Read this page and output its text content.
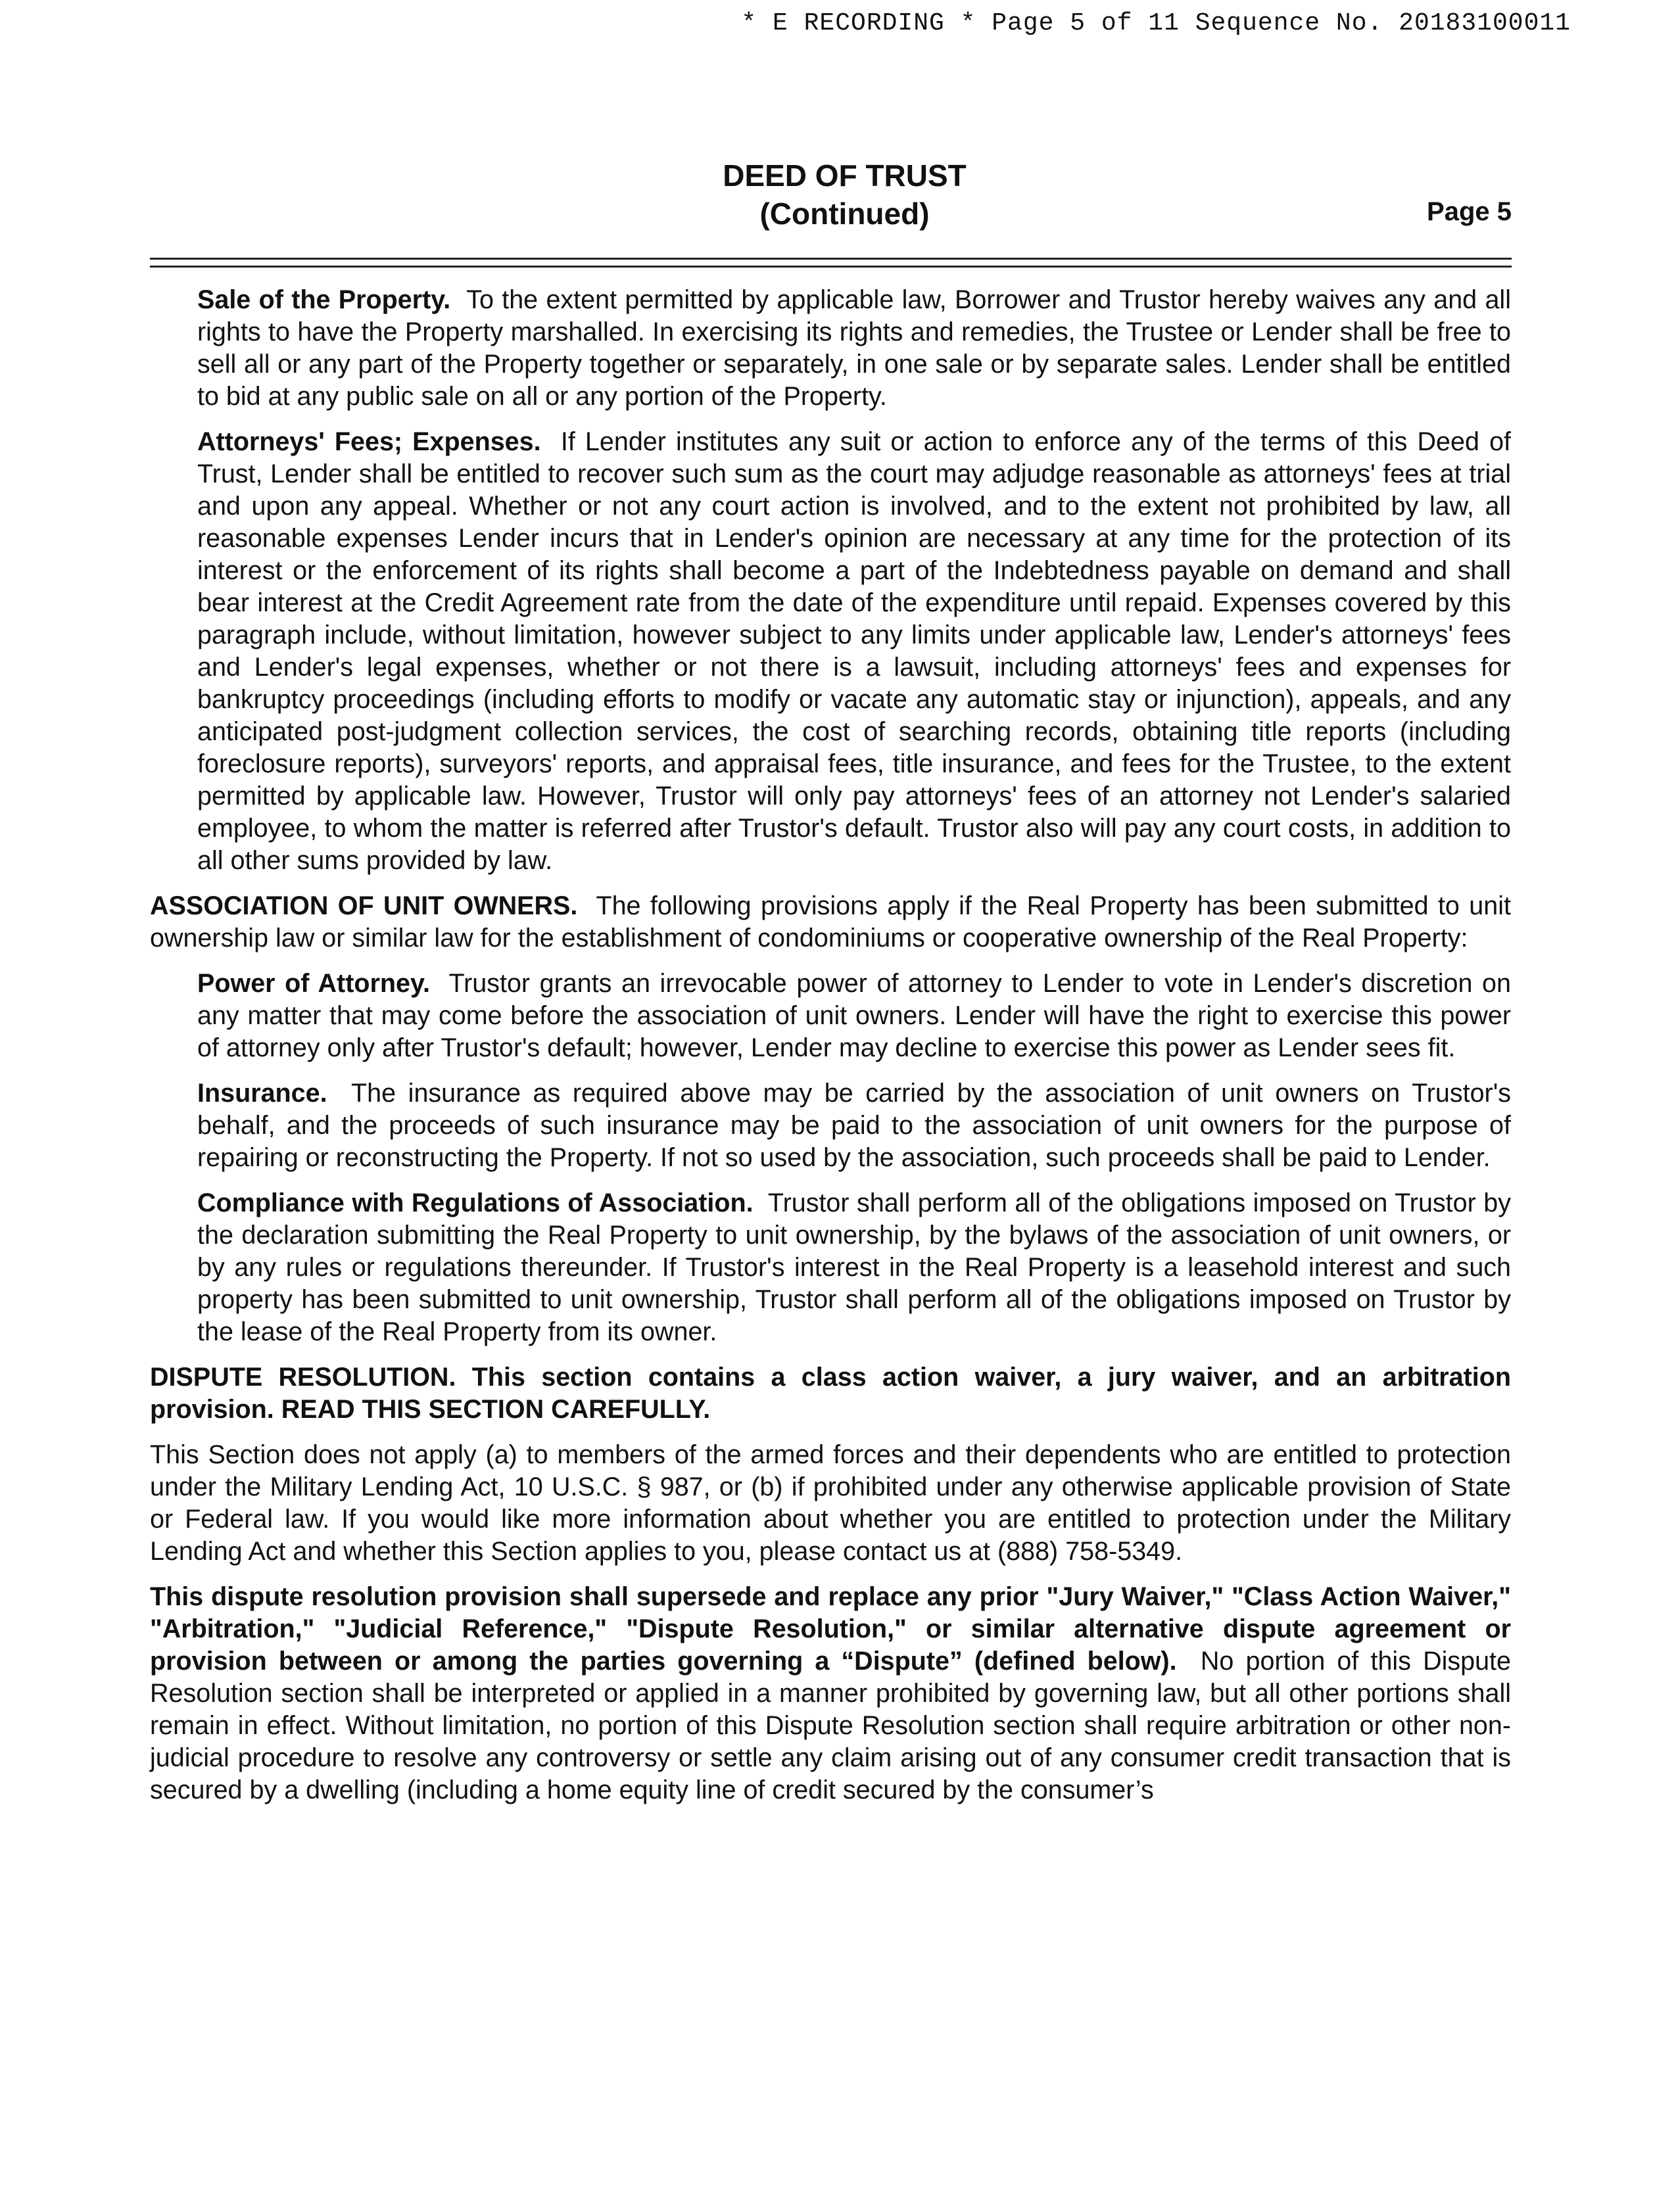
* E RECORDING * Page 5 of 11 Sequence No. 20183100011
DEED OF TRUST
(Continued)	Page 5

Sale of the Property. To the extent permitted by applicable law, Borrower and Trustor hereby waives any and all rights to have the Property marshalled. In exercising its rights and remedies, the Trustee or Lender shall be free to sell all or any part of the Property together or separately, in one sale or by separate sales. Lender shall be entitled to bid at any public sale on all or any portion of the Property.

Attorneys' Fees; Expenses. If Lender institutes any suit or action to enforce any of the terms of this Deed of Trust, Lender shall be entitled to recover such sum as the court may adjudge reasonable as attorneys' fees at trial and upon any appeal. Whether or not any court action is involved, and to the extent not prohibited by law, all reasonable expenses Lender incurs that in Lender's opinion are necessary at any time for the protection of its interest or the enforcement of its rights shall become a part of the Indebtedness payable on demand and shall bear interest at the Credit Agreement rate from the date of the expenditure until repaid. Expenses covered by this paragraph include, without limitation, however subject to any limits under applicable law, Lender's attorneys' fees and Lender's legal expenses, whether or not there is a lawsuit, including attorneys' fees and expenses for bankruptcy proceedings (including efforts to modify or vacate any automatic stay or injunction), appeals, and any anticipated post-judgment collection services, the cost of searching records, obtaining title reports (including foreclosure reports), surveyors' reports, and appraisal fees, title insurance, and fees for the Trustee, to the extent permitted by applicable law. However, Trustor will only pay attorneys' fees of an attorney not Lender's salaried employee, to whom the matter is referred after Trustor's default. Trustor also will pay any court costs, in addition to all other sums provided by law.

ASSOCIATION OF UNIT OWNERS. The following provisions apply if the Real Property has been submitted to unit ownership law or similar law for the establishment of condominiums or cooperative ownership of the Real Property:

Power of Attorney. Trustor grants an irrevocable power of attorney to Lender to vote in Lender's discretion on any matter that may come before the association of unit owners. Lender will have the right to exercise this power of attorney only after Trustor's default; however, Lender may decline to exercise this power as Lender sees fit.

Insurance. The insurance as required above may be carried by the association of unit owners on Trustor's behalf, and the proceeds of such insurance may be paid to the association of unit owners for the purpose of repairing or reconstructing the Property. If not so used by the association, such proceeds shall be paid to Lender.

Compliance with Regulations of Association. Trustor shall perform all of the obligations imposed on Trustor by the declaration submitting the Real Property to unit ownership, by the bylaws of the association of unit owners, or by any rules or regulations thereunder. If Trustor's interest in the Real Property is a leasehold interest and such property has been submitted to unit ownership, Trustor shall perform all of the obligations imposed on Trustor by the lease of the Real Property from its owner.

DISPUTE RESOLUTION. This section contains a class action waiver, a jury waiver, and an arbitration provision. READ THIS SECTION CAREFULLY.

This Section does not apply (a) to members of the armed forces and their dependents who are entitled to protection under the Military Lending Act, 10 U.S.C. § 987, or (b) if prohibited under any otherwise applicable provision of State or Federal law. If you would like more information about whether you are entitled to protection under the Military Lending Act and whether this Section applies to you, please contact us at (888) 758-5349.

This dispute resolution provision shall supersede and replace any prior "Jury Waiver," "Class Action Waiver," "Arbitration," "Judicial Reference," "Dispute Resolution," or similar alternative dispute agreement or provision between or among the parties governing a “Dispute” (defined below). No portion of this Dispute Resolution section shall be interpreted or applied in a manner prohibited by governing law, but all other portions shall remain in effect. Without limitation, no portion of this Dispute Resolution section shall require arbitration or other non-judicial procedure to resolve any controversy or settle any claim arising out of any consumer credit transaction that is secured by a dwelling (including a home equity line of credit secured by the consumer’s
